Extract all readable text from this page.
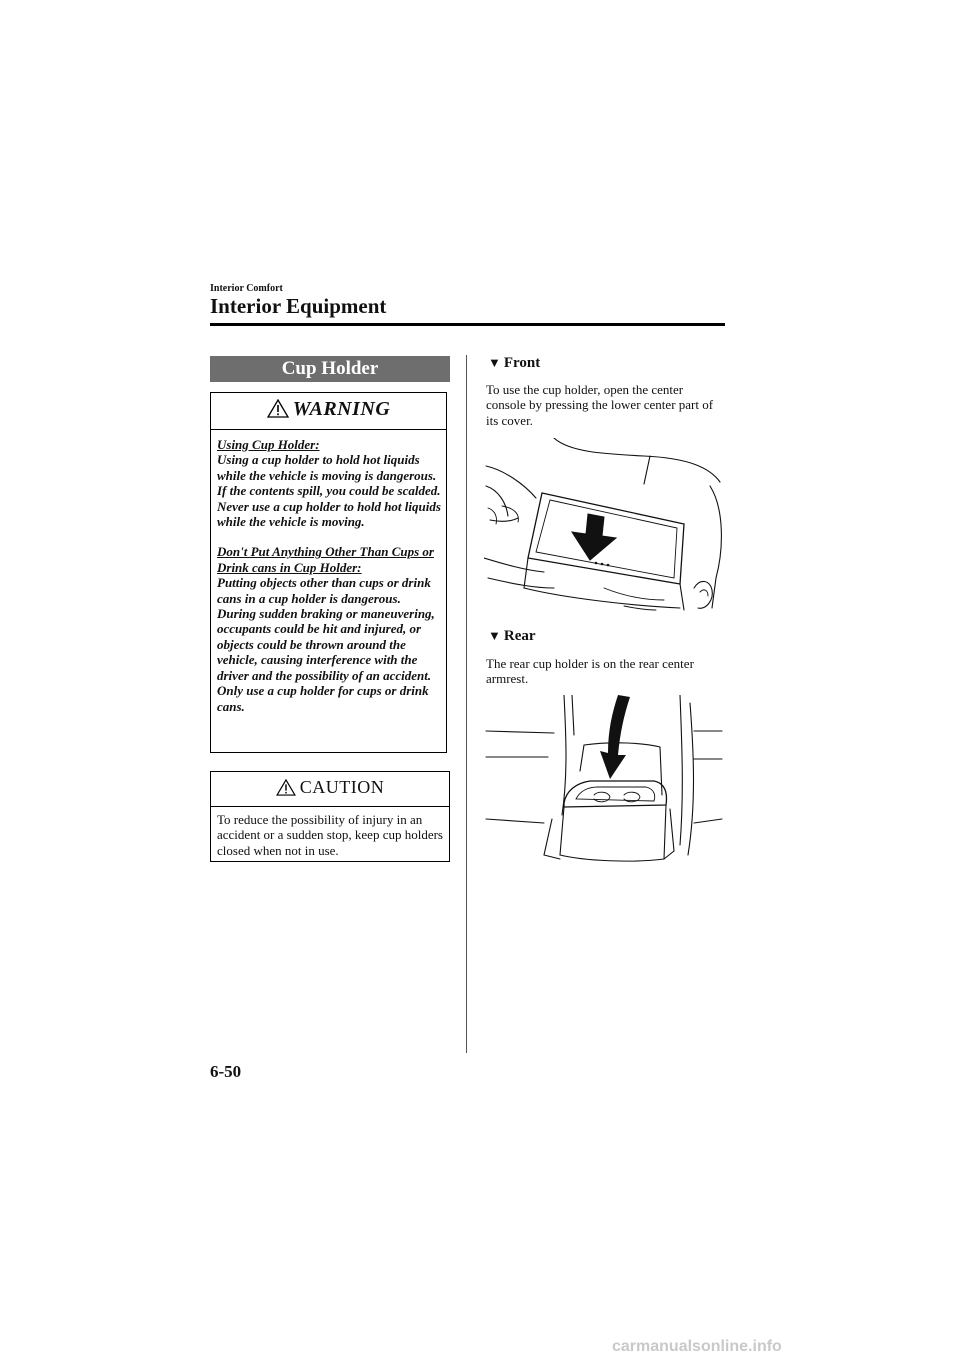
Interior Comfort
Interior Equipment
Cup Holder
WARNING

Using Cup Holder:

Using a cup holder to hold hot liquids while the vehicle is moving is dangerous. If the contents spill, you could be scalded. Never use a cup holder to hold hot liquids while the vehicle is moving.

Don't Put Anything Other Than Cups or Drink cans in Cup Holder:

Putting objects other than cups or drink cans in a cup holder is dangerous.

During sudden braking or maneuvering, occupants could be hit and injured, or objects could be thrown around the vehicle, causing interference with the driver and the possibility of an accident. Only use a cup holder for cups or drink cans.

CAUTION
To reduce the possibility of injury in an accident or a sudden stop, keep cup holders closed when not in use.
▼ Front
To use the cup holder, open the center console by pressing the lower center part of its cover.
▼ Rear
The rear cup holder is on the rear center armrest.
6-50
carmanualsonline.info
